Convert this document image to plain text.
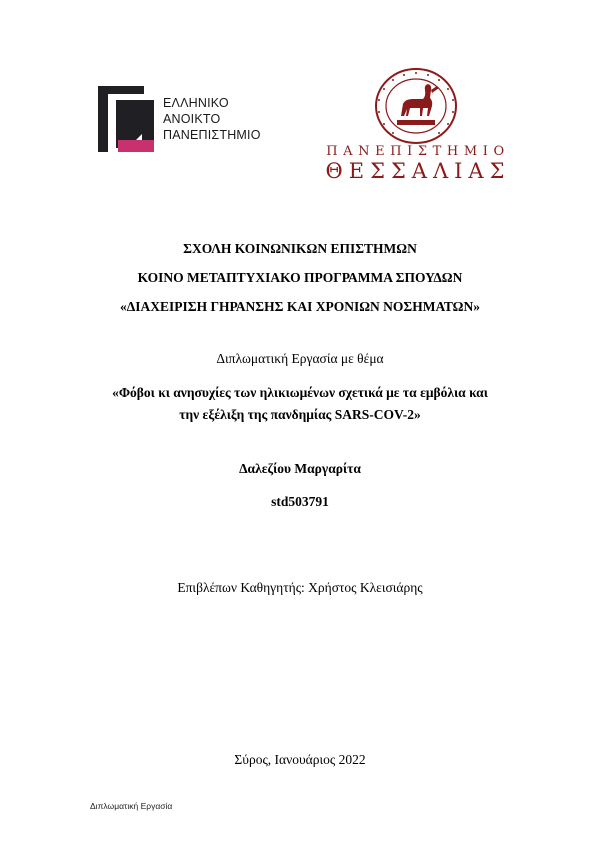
ΕΛΛΗΝΙΚΟ
ΑΝΟΙΚΤΟ
ΠΑΝΕΠΙΣΤΗΜΙΟ
ΠΑΝΕΠΙΣΤΗΜΙΟ
ΘΕΣΣΑΛΙΑΣ
ΣΧΟΛΗ ΚΟΙΝΩΝΙΚΩΝ ΕΠΙΣΤΗΜΩΝ
ΚΟΙΝΟ ΜΕΤΑΠΤΥΧΙΑΚΟ ΠΡΟΓΡΑΜΜΑ ΣΠΟΥΔΩΝ
«ΔΙΑΧΕΙΡΙΣΗ ΓΗΡΑΝΣΗΣ ΚΑΙ ΧΡΟΝΙΩΝ ΝΟΣΗΜΑΤΩΝ»
Διπλωματική Εργασία με θέμα
«Φόβοι κι ανησυχίες των ηλικιωμένων σχετικά με τα εμβόλια και
την εξέλιξη της πανδημίας SARS-COV-2»
Δαλεζίου Μαργαρίτα
std503791
Επιβλέπων Καθηγητής: Χρήστος Κλεισιάρης
Σύρος, Ιανουάριος 2022
Διπλωματική Εργασία
